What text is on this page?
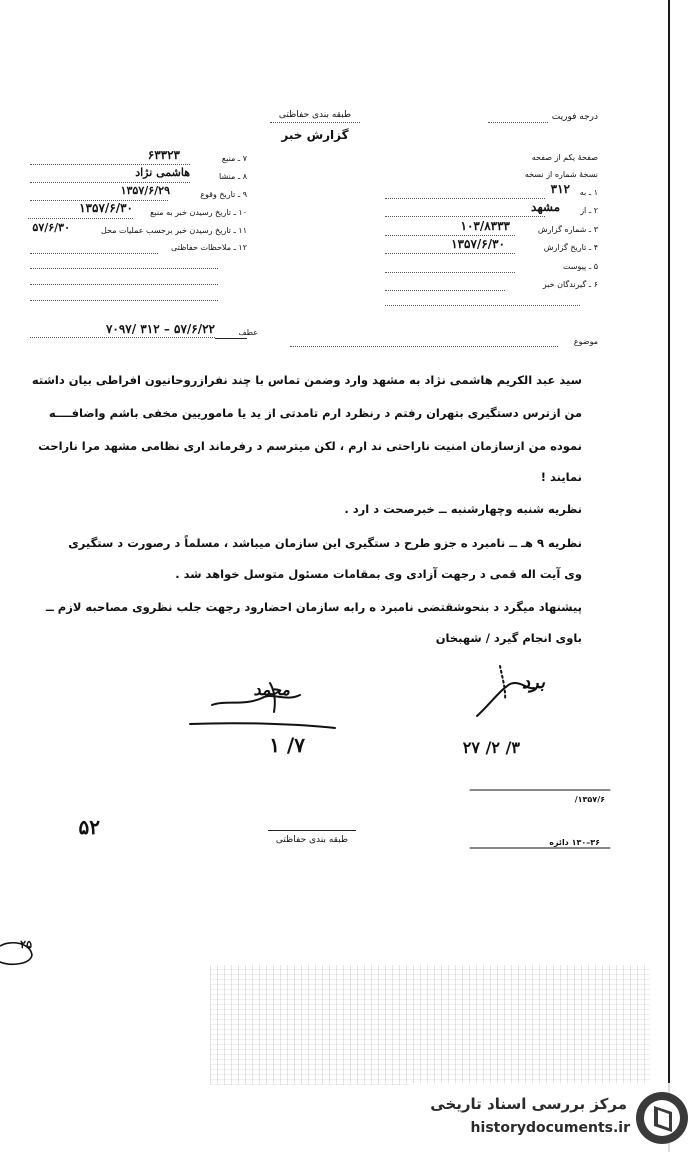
طبقه بندی حفاظتی
گزارش خبر
درجه فوریت
صفحهٔ یکم از صفحه
نسخهٔ شماره از نسخه
۱ ـ به
۳۱۲
۲ ـ از
مشهد
۳ ـ شماره گزارش
۱۰۳/۸۳۳۳
۴ ـ تاریخ گزارش
۱۳۵۷/۶/۳۰
۵ ـ پیوست
۶ ـ گیرندگان خبر
۷ ـ منبع
۶۳۳۲۳
۸ ـ منشا
هاشمی نژاد
۹ ـ تاریخ وقوع
۱۳۵۷/۶/۲۹
۱۰ ـ تاریخ رسیدن خبر به منبع
۱۳۵۷/۶/۳۰
۱۱ ـ تاریخ رسیدن خبر برحسب عملیات محل
۵۷/۶/۳۰
۱۲ ـ ملاحظات حفاظتی
موضوع
عطف
۵۷/۶/۲۲ – ۳۱۲ /۷۰۹۷
سید عبد الکریم هاشمی نژاد به مشهد وارد وضمن تماس با چند نفرازروحانیون افراطی بیان داشته
من ازترس دستگیری بتهران رفتم د رنظرد ارم تامدتی از ید یا ماموریین مخفی باشم واضافــــه
نموده من ازسازمان امنیت ناراحتی ند ارم ، لکن میترسم د رفرماند اری نظامی مشهد مرا ناراحت
نمایند !
نظریه شنبه وچهارشنبه ــ خبرصحت د ارد .
نظریه ۹ هـ ــ نامبرد ه جزو طرح د ستگیری این سازمان میباشد ، مسلماً د رصورت د ستگیری
وی آیت اله قمی د رجهت آزادی وی بمقامات مسئول متوسل خواهد شد .
پیشنهاد میگرد د بنحوشقتضی نامبرد ه رابه سازمان احضارود رجهت جلب نظروی مصاحبه لازم ــ
باوی انجام گیرد / شهبخان
محمد
۷/ ۱
برد
۳/ ۲/ ۲۷
۱۳۵۷/۶/
۳۶–۱۳۰ دائره
۵۲
۲۵
طبقه بندی حفاظتی
مرکز بررسی اسناد تاریخی
historydocuments.ir
